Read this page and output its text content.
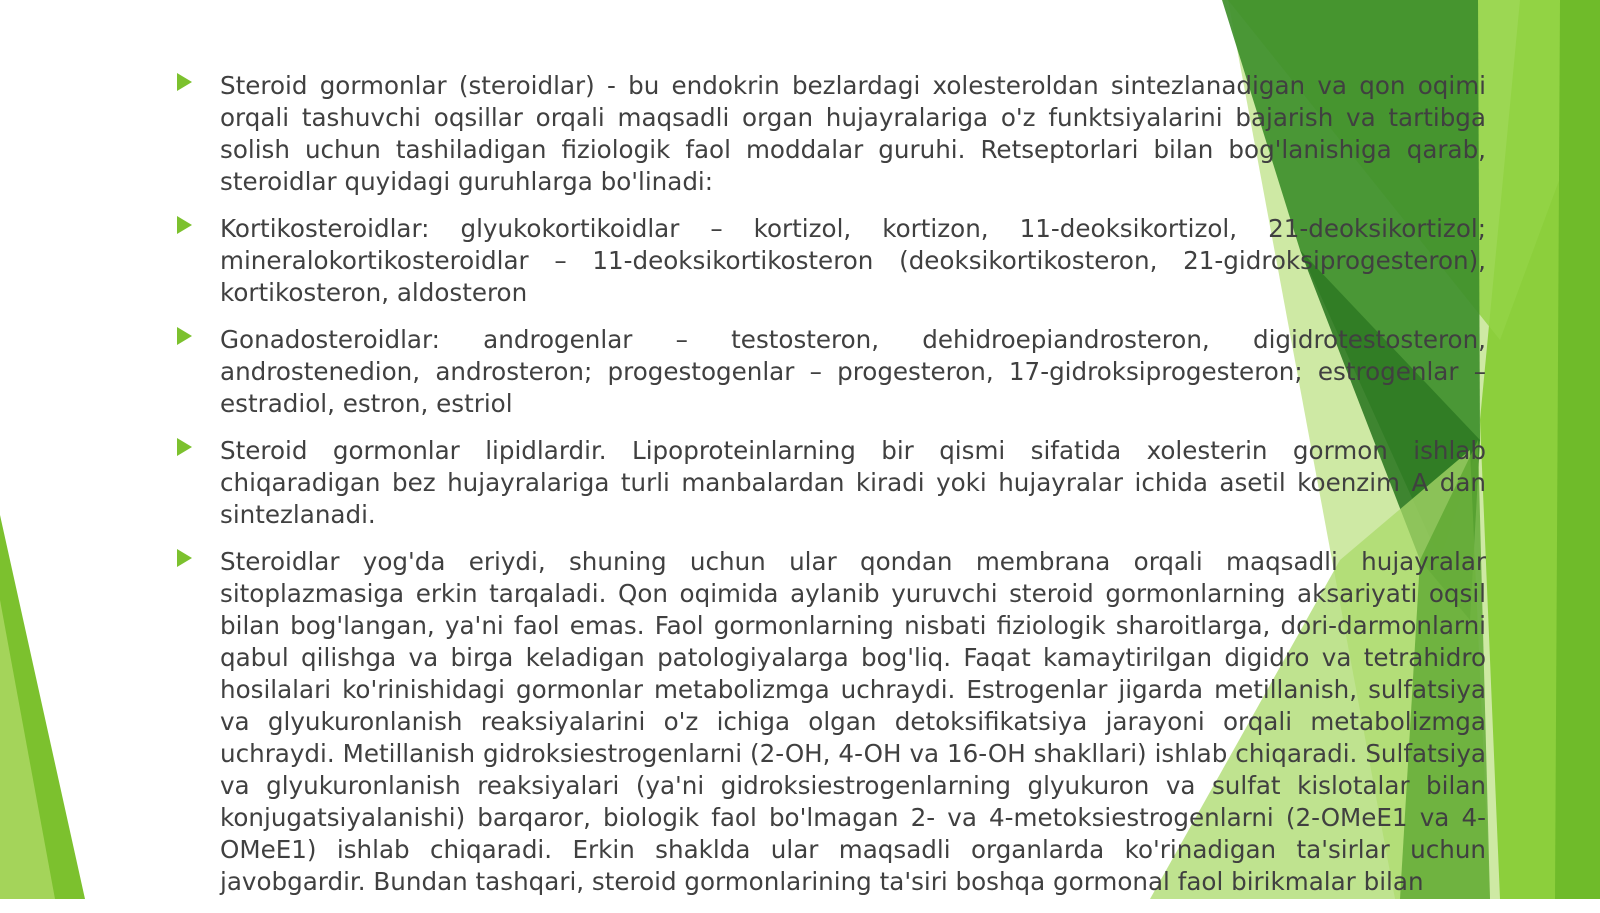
Steroid gormonlar (steroidlar) - bu endokrin bezlardagi xolesteroldan sintezlanadigan va qon oqimi orqali tashuvchi oqsillar orqali maqsadli organ hujayralariga o'z funktsiyalarini bajarish va tartibga solish uchun tashiladigan fiziologik faol moddalar guruhi. Retseptorlari bilan bog'lanishiga qarab, steroidlar quyidagi guruhlarga bo'linadi:

Kortikosteroidlar: glyukokortikoidlar – kortizol, kortizon, 11-deoksikortizol, 21-deoksikortizol; mineralokortikosteroidlar – 11-deoksikortikosteron (deoksikortikosteron, 21-gidroksiprogesteron), kortikosteron, aldosteron

Gonadosteroidlar: androgenlar – testosteron, dehidroepiandrosteron, digidrotestosteron, androstenedion, androsteron; progestogenlar – progesteron, 17-gidroksiprogesteron; estrogenlar – estradiol, estron, estriol

Steroid gormonlar lipidlardir. Lipoproteinlarning bir qismi sifatida xolesterin gormon ishlab chiqaradigan bez hujayralariga turli manbalardan kiradi yoki hujayralar ichida asetil koenzim A dan sintezlanadi.

Steroidlar yog'da eriydi, shuning uchun ular qondan membrana orqali maqsadli hujayralar sitoplazmasiga erkin tarqaladi. Qon oqimida aylanib yuruvchi steroid gormonlarning aksariyati oqsil bilan bog'langan, ya'ni faol emas. Faol gormonlarning nisbati fiziologik sharoitlarga, dori-darmonlarni qabul qilishga va birga keladigan patologiyalarga bog'liq. Faqat kamaytirilgan digidro va tetrahidro hosilalari ko'rinishidagi gormonlar metabolizmga uchraydi. Estrogenlar jigarda metillanish, sulfatsiya va glyukuronlanish reaksiyalarini o'z ichiga olgan detoksifikatsiya jarayoni orqali metabolizmga uchraydi. Metillanish gidroksiestrogenlarni (2-OH, 4-OH va 16-OH shakllari) ishlab chiqaradi. Sulfatsiya va glyukuronlanish reaksiyalari (ya'ni gidroksiestrogenlarning glyukuron va sulfat kislotalar bilan konjugatsiyalanishi) barqaror, biologik faol bo'lmagan 2- va 4-metoksiestrogenlarni (2-OMeE1 va 4-OMeE1) ishlab chiqaradi. Erkin shaklda ular maqsadli organlarda ko'rinadigan ta'sirlar uchun javobgardir. Bundan tashqari, steroid gormonlarining ta'siri boshqa gormonal faol birikmalar bilan
